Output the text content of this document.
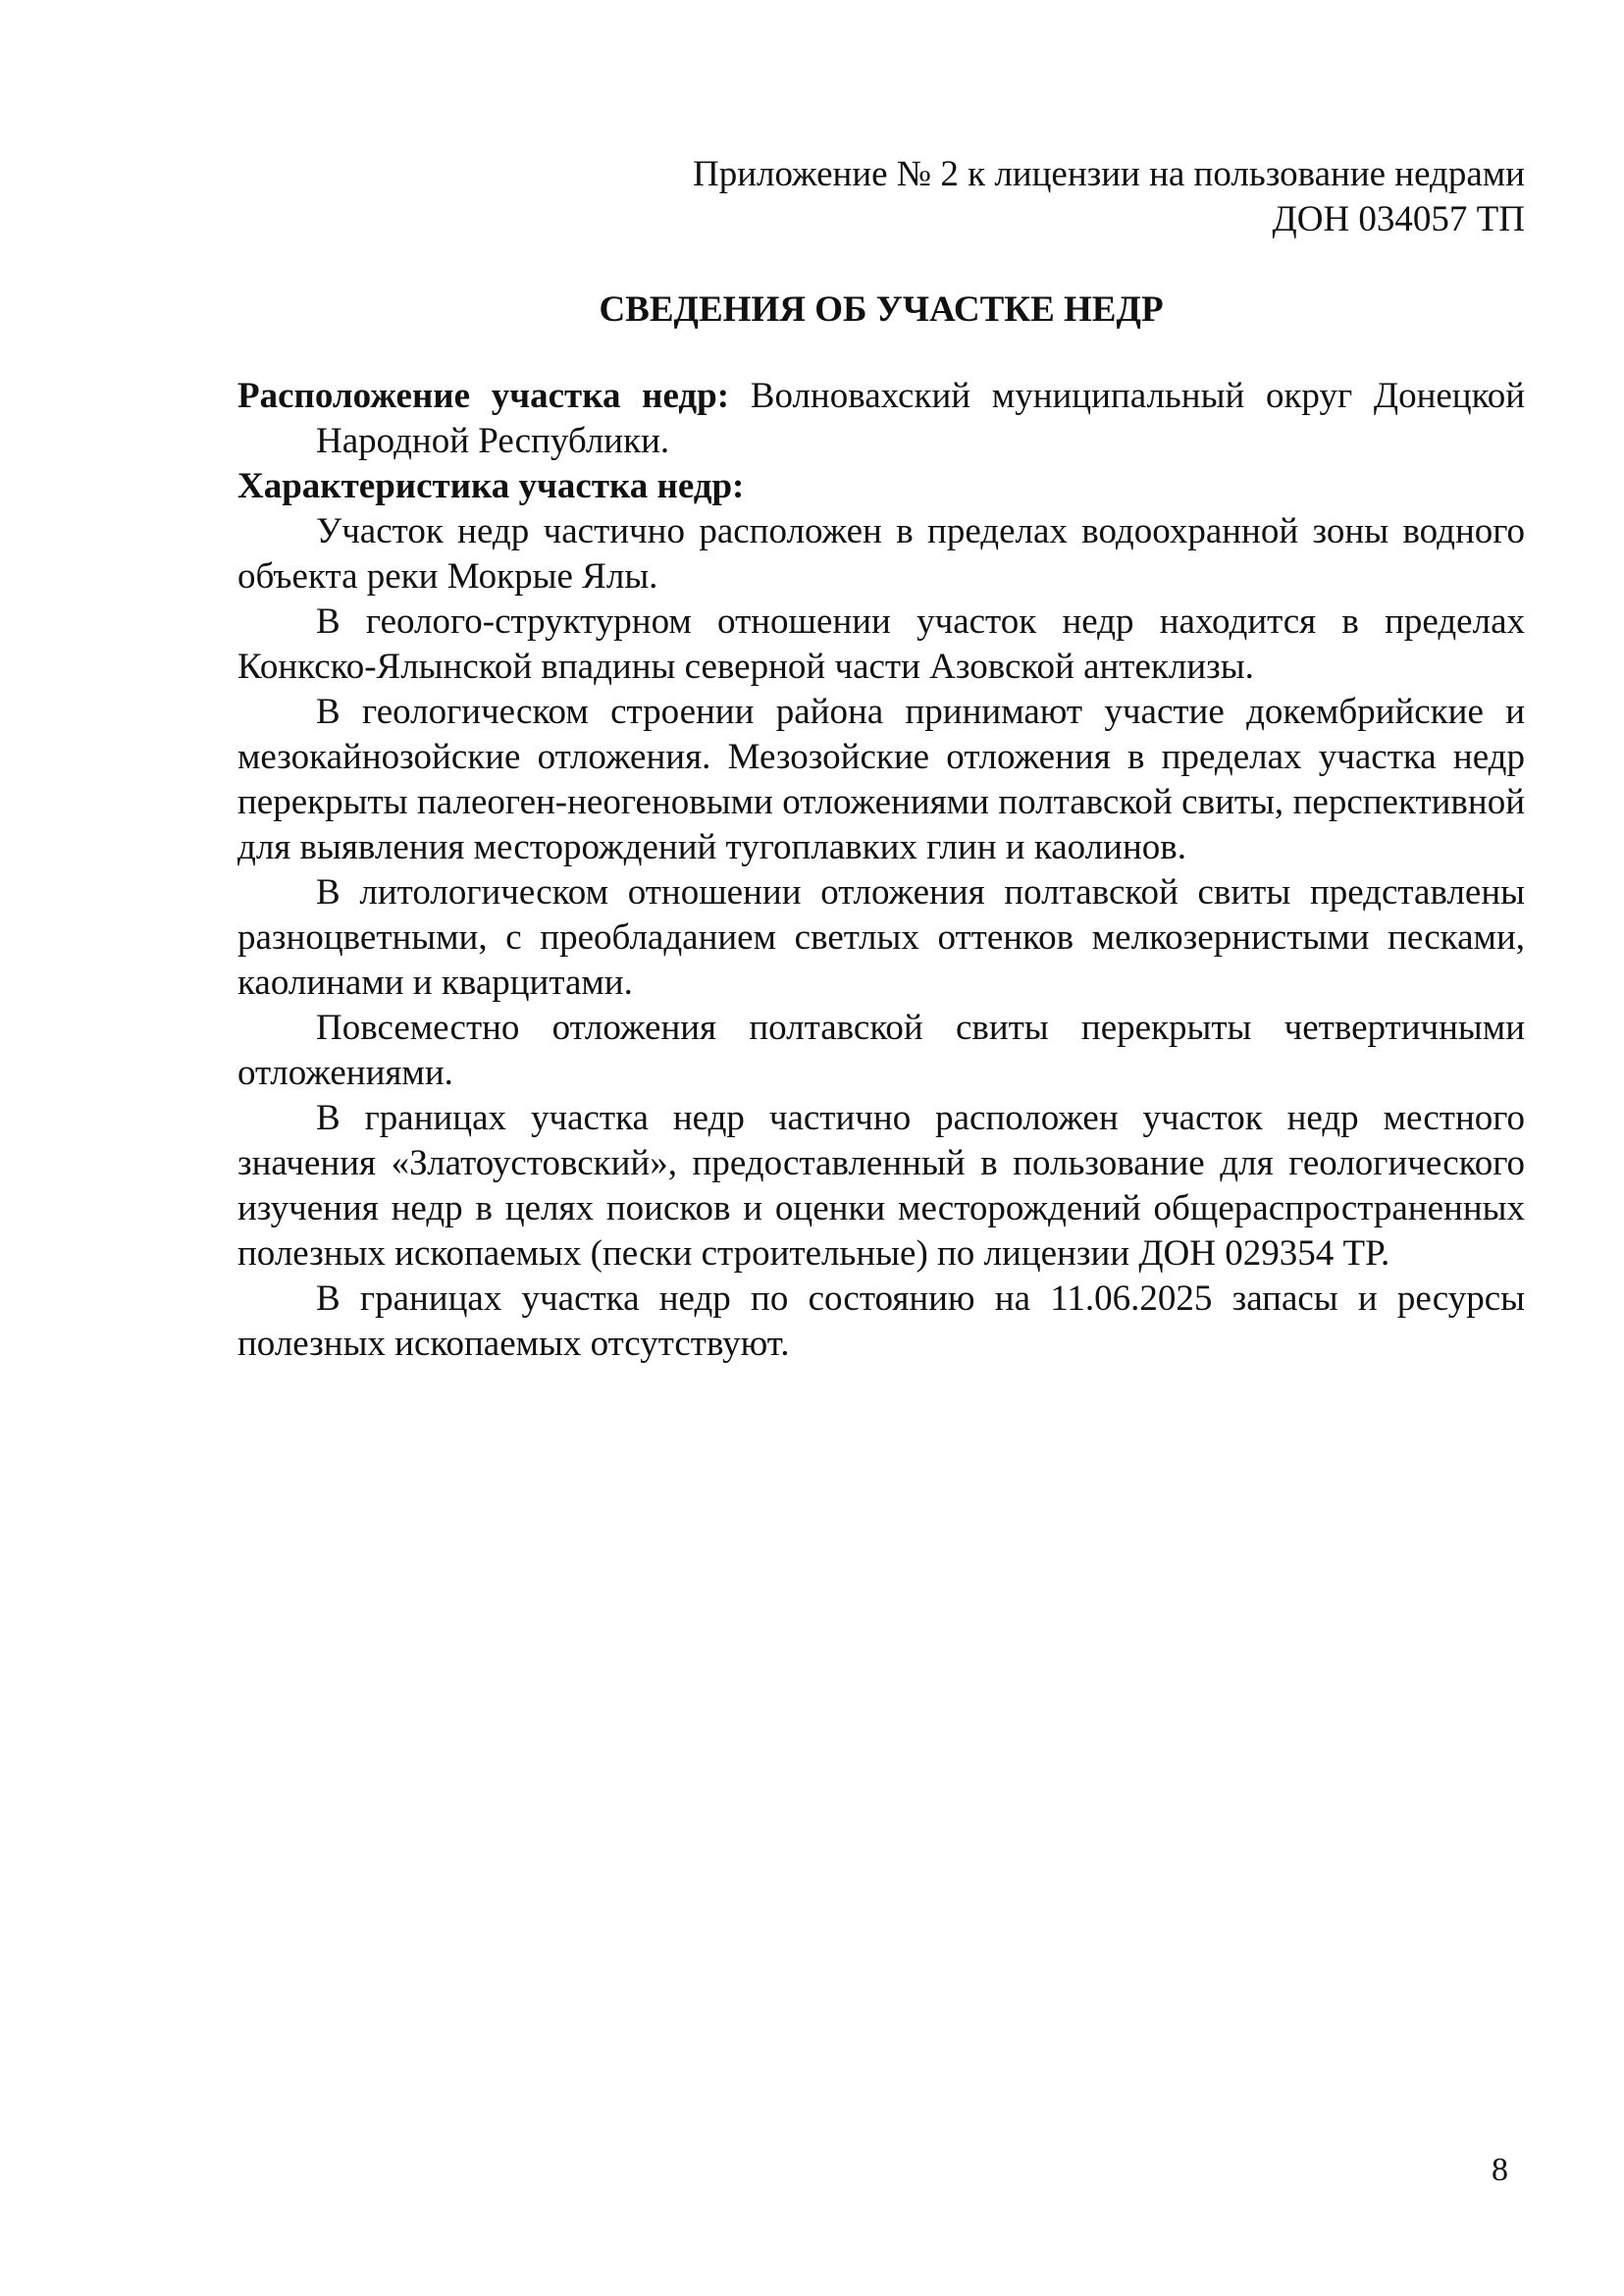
Приложение № 2 к лицензии на пользование недрами
ДОН 034057 ТП
СВЕДЕНИЯ ОБ УЧАСТКЕ НЕДР

Расположение участка недр: Волновахский муниципальный округ Донецкой Народной Республики.

Характеристика участка недр:

Участок недр частично расположен в пределах водоохранной зоны водного объекта реки Мокрые Ялы.

В геолого-структурном отношении участок недр находится в пределах Конкско-Ялынской впадины северной части Азовской антеклизы.

В геологическом строении района принимают участие докембрийские и мезокайнозойские отложения. Мезозойские отложения в пределах участка недр перекрыты палеоген-неогеновыми отложениями полтавской свиты, перспективной для выявления месторождений тугоплавких глин и каолинов.

В литологическом отношении отложения полтавской свиты представлены разноцветными, с преобладанием светлых оттенков мелкозернистыми песками, каолинами и кварцитами.

Повсеместно отложения полтавской свиты перекрыты четвертичными отложениями.

В границах участка недр частично расположен участок недр местного значения «Златоустовский», предоставленный в пользование для геологического изучения недр в целях поисков и оценки месторождений общераспространенных полезных ископаемых (пески строительные) по лицензии ДОН 029354 ТР.

В границах участка недр по состоянию на 11.06.2025 запасы и ресурсы полезных ископаемых отсутствуют.

8
